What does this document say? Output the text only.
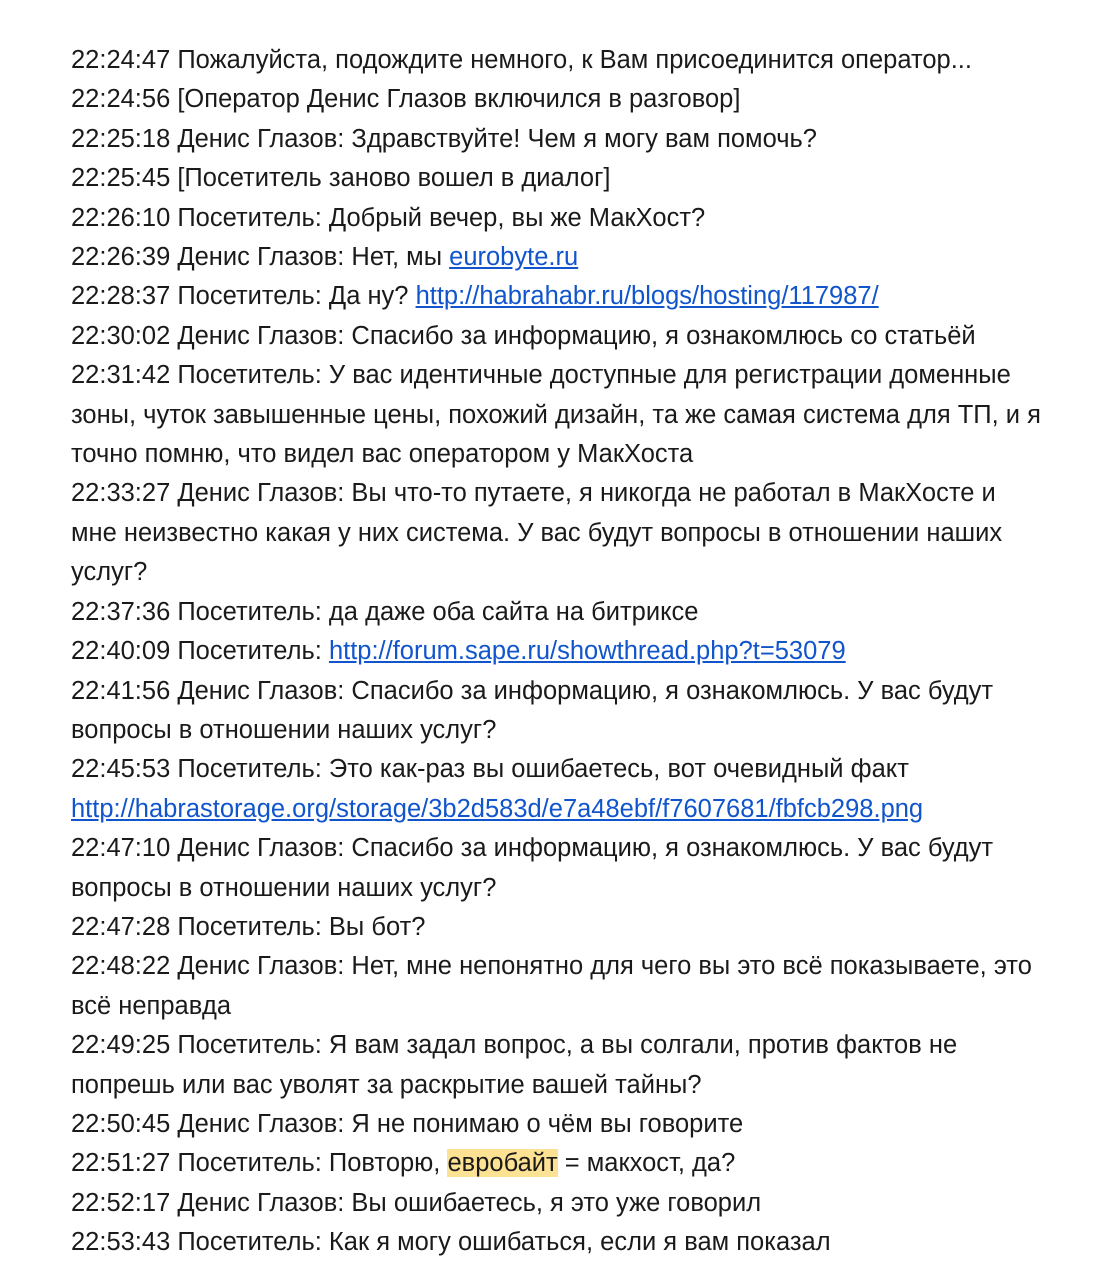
22:24:47 Пожалуйста, подождите немного, к Вам присоединится оператор...
22:24:56 [Оператор Денис Глазов включился в разговор]
22:25:18 Денис Глазов: Здравствуйте! Чем я могу вам помочь?
22:25:45 [Посетитель заново вошел в диалог]
22:26:10 Посетитель: Добрый вечер, вы же МакХост?
22:26:39 Денис Глазов: Нет, мы eurobyte.ru
22:28:37 Посетитель: Да ну? http://habrahabr.ru/blogs/hosting/117987/
22:30:02 Денис Глазов: Спасибо за информацию, я ознакомлюсь со статьёй
22:31:42 Посетитель: У вас идентичные доступные для регистрации доменные зоны, чуток завышенные цены, похожий дизайн, та же самая система для ТП, и я точно помню, что видел вас оператором у МакХоста
22:33:27 Денис Глазов: Вы что-то путаете, я никогда не работал в МакХосте и мне неизвестно какая у них система. У вас будут вопросы в отношении наших услуг?
22:37:36 Посетитель: да даже оба сайта на битриксе
22:40:09 Посетитель: http://forum.sape.ru/showthread.php?t=53079
22:41:56 Денис Глазов: Спасибо за информацию, я ознакомлюсь. У вас будут вопросы в отношении наших услуг?
22:45:53 Посетитель: Это как-раз вы ошибаетесь, вот очевидный факт
http://habrastorage.org/storage/3b2d583d/e7a48ebf/f7607681/fbfcb298.png
22:47:10 Денис Глазов: Спасибо за информацию, я ознакомлюсь. У вас будут вопросы в отношении наших услуг?
22:47:28 Посетитель: Вы бот?
22:48:22 Денис Глазов: Нет, мне непонятно для чего вы это всё показываете, это всё неправда
22:49:25 Посетитель: Я вам задал вопрос, а вы солгали, против фактов не попрешь или вас уволят за раскрытие вашей тайны?
22:50:45 Денис Глазов: Я не понимаю о чём вы говорите
22:51:27 Посетитель: Повторю, евробайт = макхост, да?
22:52:17 Денис Глазов: Вы ошибаетесь, я это уже говорил
22:53:43 Посетитель: Как я могу ошибаться, если я вам показал
